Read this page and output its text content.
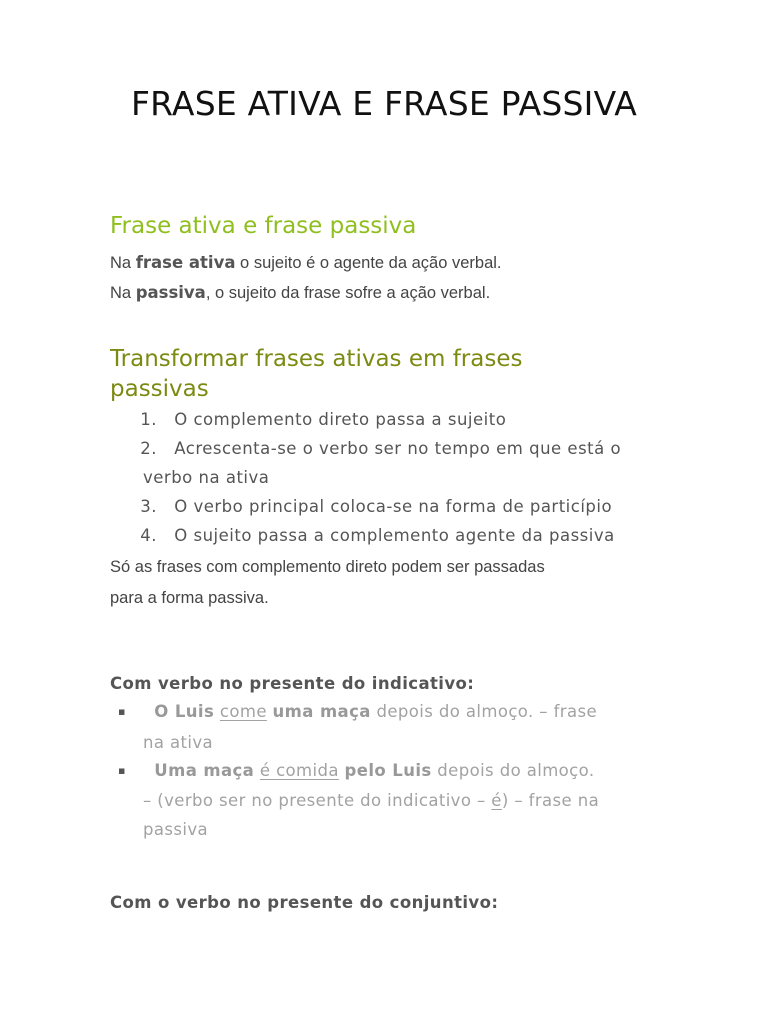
FRASE ATIVA E FRASE PASSIVA
Frase ativa e frase passiva
Na frase ativa o sujeito é o agente da ação verbal.
Na passiva, o sujeito da frase sofre a ação verbal.
Transformar frases ativas em frases
passivas
1. O complemento direto passa a sujeito
2. Acrescenta-se o verbo ser no tempo em que está o
verbo na ativa
3. O verbo principal coloca-se na forma de particípio
4. O sujeito passa a complemento agente da passiva
Só as frases com complemento direto podem ser passadas
para a forma passiva.
Com verbo no presente do indicativo:
▪	O Luis come uma maça depois do almoço. – frase
na ativa
▪	Uma maça é comida pelo Luis depois do almoço.
– (verbo ser no presente do indicativo – é) – frase na
passiva
Com o verbo no presente do conjuntivo:
